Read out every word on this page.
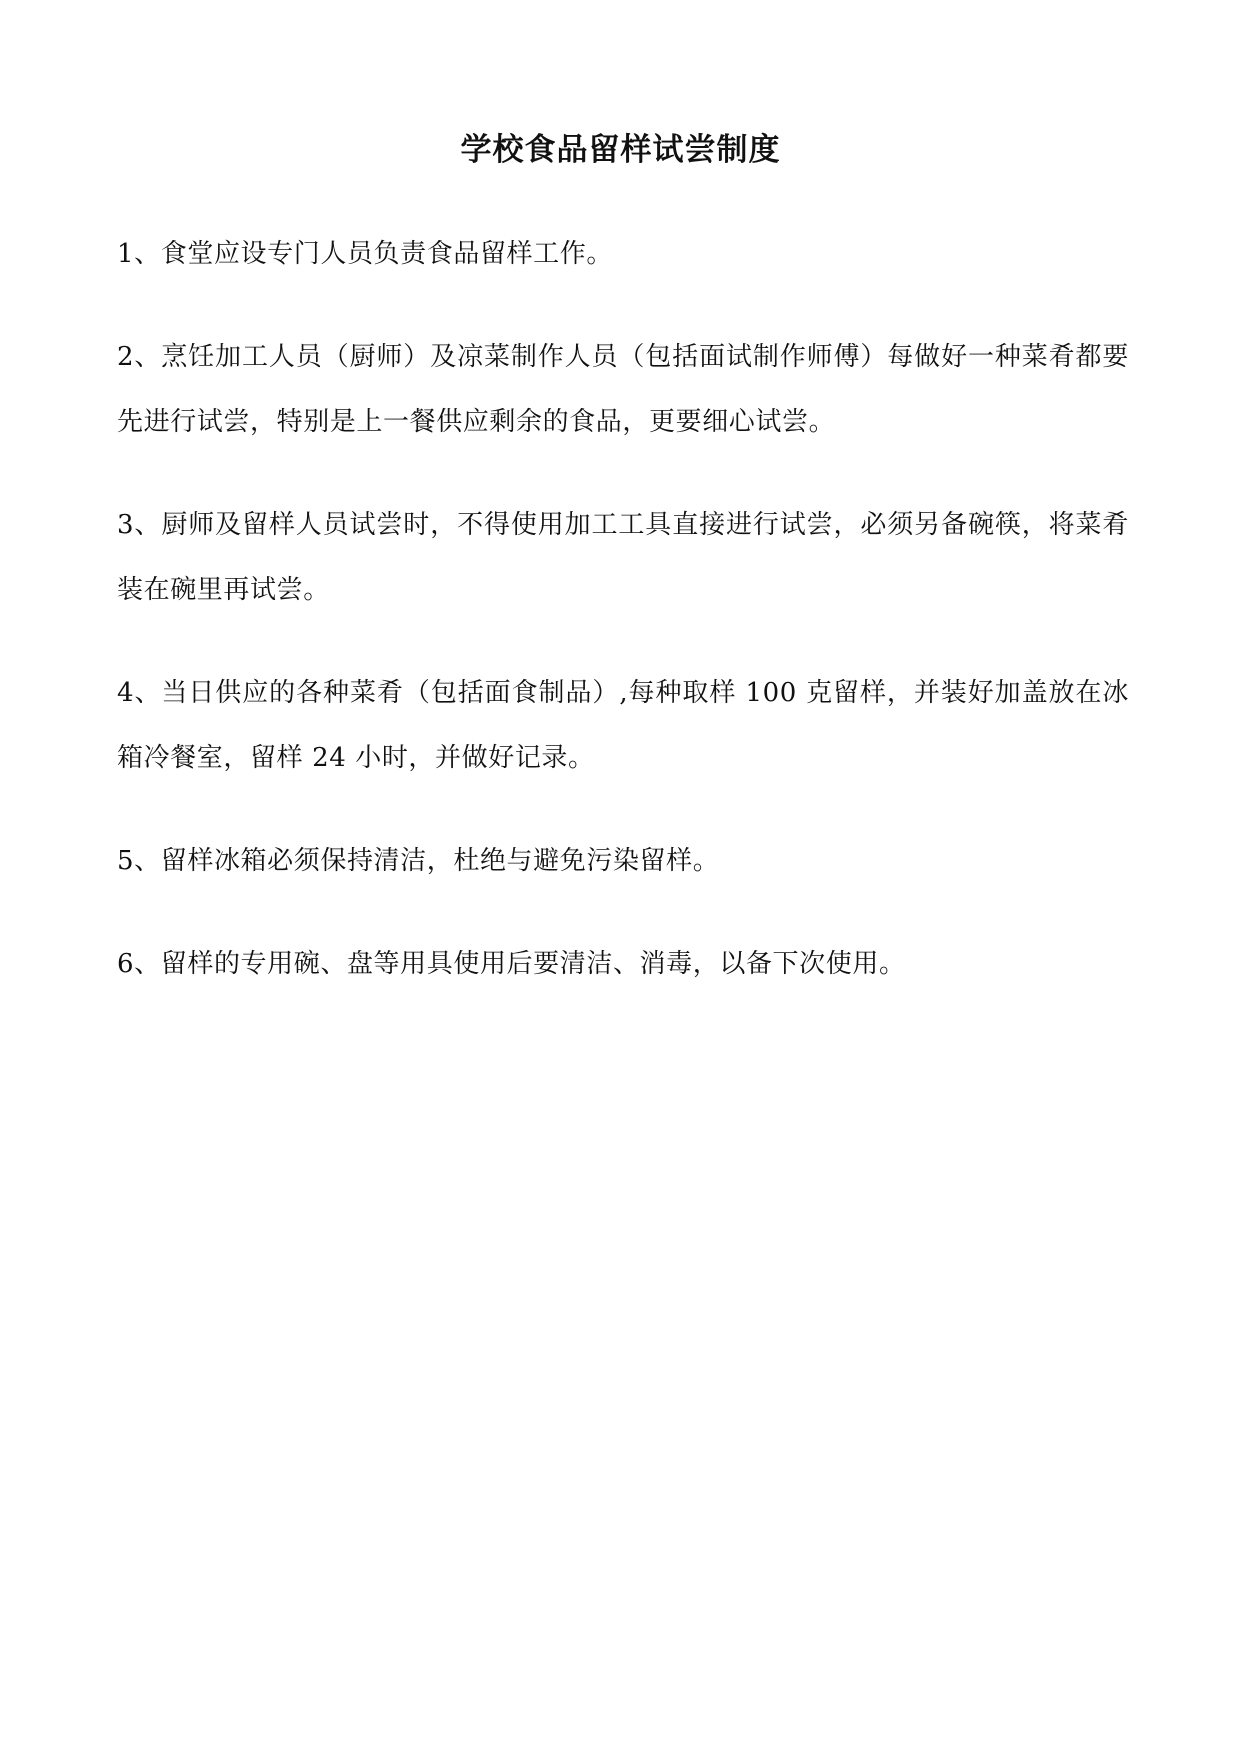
学校食品留样试尝制度

1、食堂应设专门人员负责食品留样工作。

2、烹饪加工人员（厨师）及凉菜制作人员（包括面试制作师傅）每做好一种菜肴都要先进行试尝，特别是上一餐供应剩余的食品，更要细心试尝。

3、厨师及留样人员试尝时，不得使用加工工具直接进行试尝，必须另备碗筷，将菜肴装在碗里再试尝。

4、当日供应的各种菜肴（包括面食制品）,每种取样 100 克留样，并装好加盖放在冰箱冷餐室，留样 24 小时，并做好记录。

5、留样冰箱必须保持清洁，杜绝与避免污染留样。

6、留样的专用碗、盘等用具使用后要清洁、消毒，以备下次使用。
